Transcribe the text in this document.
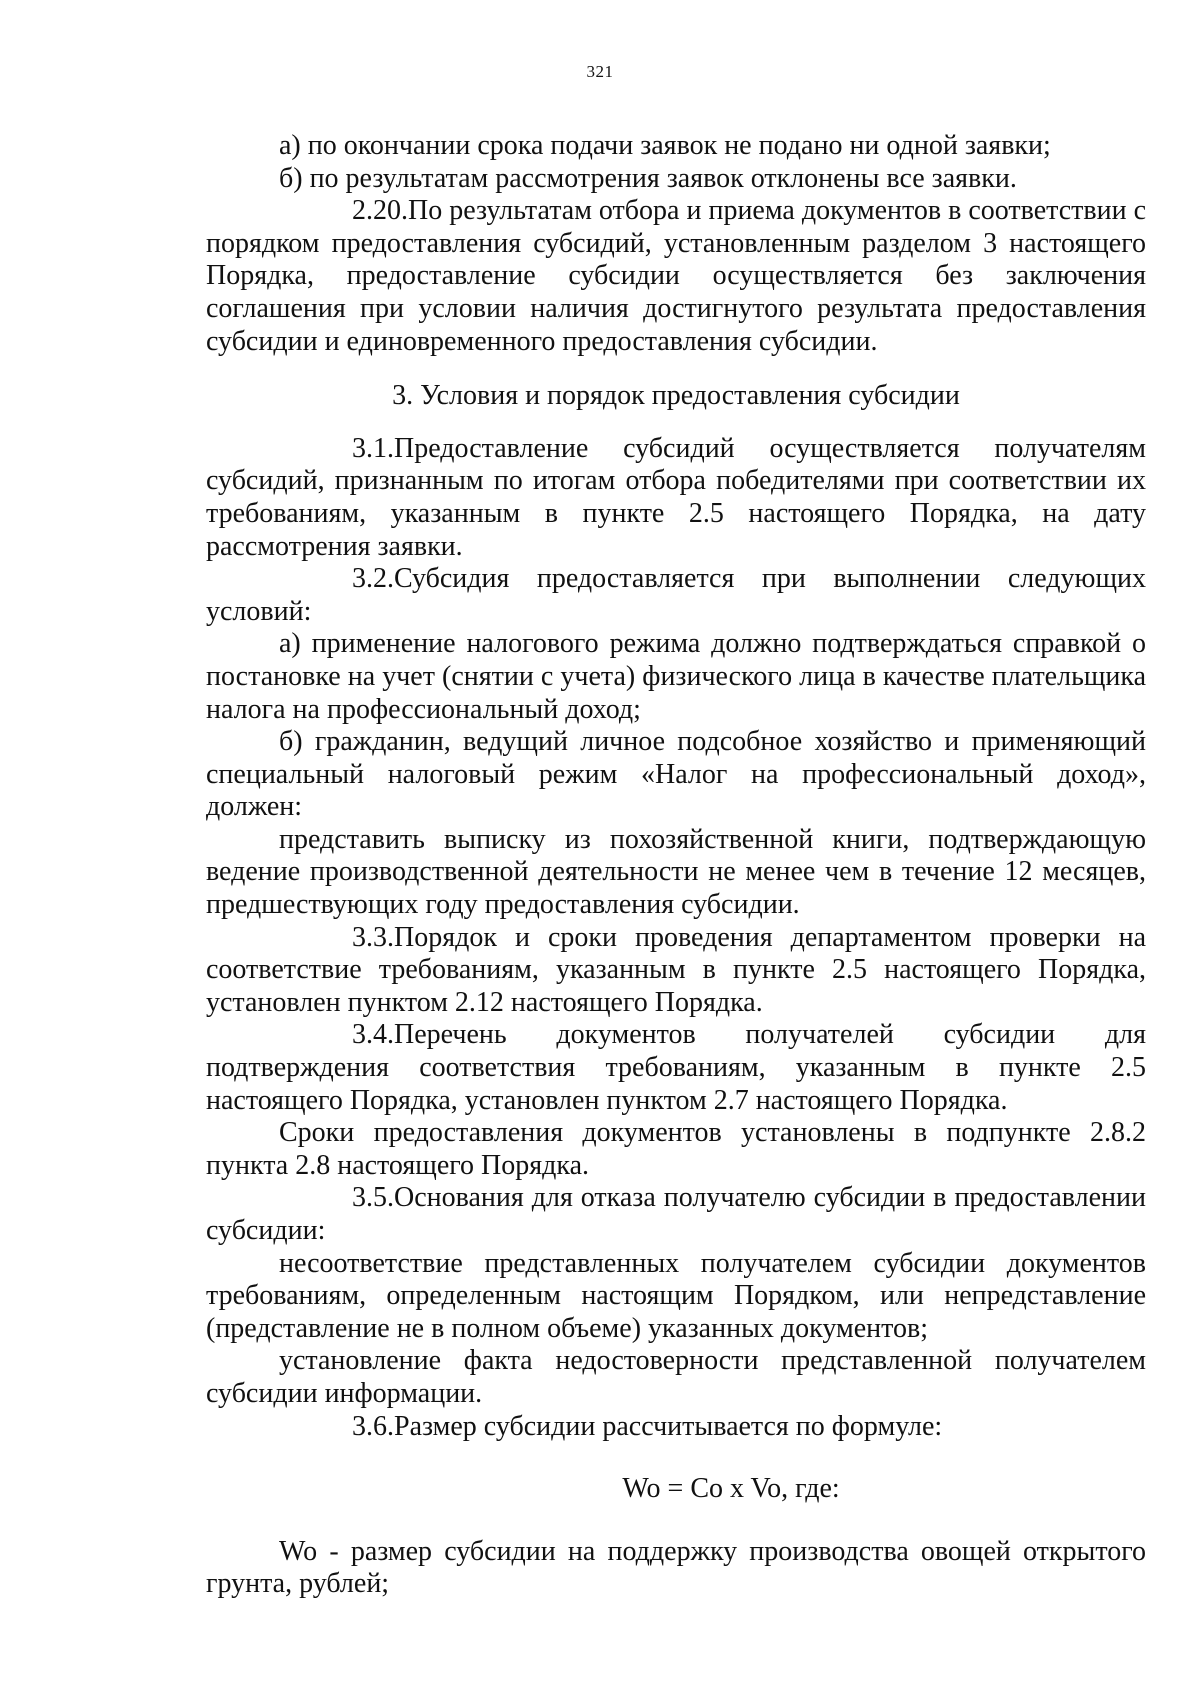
321

а) по окончании срока подачи заявок не подано ни одной заявки;

б) по результатам рассмотрения заявок отклонены все заявки.

2.20.По результатам отбора и приема документов в соответствии с порядком предоставления субсидий, установленным разделом 3 настоящего Порядка, предоставление субсидии осуществляется без заключения соглашения при условии наличия достигнутого результата предоставления субсидии и единовременного предоставления субсидии.

3. Условия и порядок предоставления субсидии

3.1.Предоставление субсидий осуществляется получателям субсидий, признанным по итогам отбора победителями при соответствии их требованиям, указанным в пункте 2.5 настоящего Порядка, на дату рассмотрения заявки.

3.2.Субсидия предоставляется при выполнении следующих условий:

а) применение налогового режима должно подтверждаться справкой о постановке на учет (снятии с учета) физического лица в качестве плательщика налога на профессиональный доход;

б) гражданин, ведущий личное подсобное хозяйство и применяющий специальный налоговый режим «Налог на профессиональный доход», должен:

представить выписку из похозяйственной книги, подтверждающую ведение производственной деятельности не менее чем в течение 12 месяцев, предшествующих году предоставления субсидии.

3.3.Порядок и сроки проведения департаментом проверки на соответствие требованиям, указанным в пункте 2.5 настоящего Порядка, установлен пунктом 2.12 настоящего Порядка.

3.4.Перечень документов получателей субсидии для подтверждения соответствия требованиям, указанным в пункте 2.5 настоящего Порядка, установлен пунктом 2.7 настоящего Порядка.

Сроки предоставления документов установлены в подпункте 2.8.2 пункта 2.8 настоящего Порядка.

3.5.Основания для отказа получателю субсидии в предоставлении субсидии:

несоответствие представленных получателем субсидии документов требованиям, определенным настоящим Порядком, или непредставление (представление не в полном объеме) указанных документов;

установление факта недостоверности представленной получателем субсидии информации.

3.6.Размер субсидии рассчитывается по формуле:

Wo = Co x Vo, где:

Wo - размер субсидии на поддержку производства овощей открытого грунта, рублей;
